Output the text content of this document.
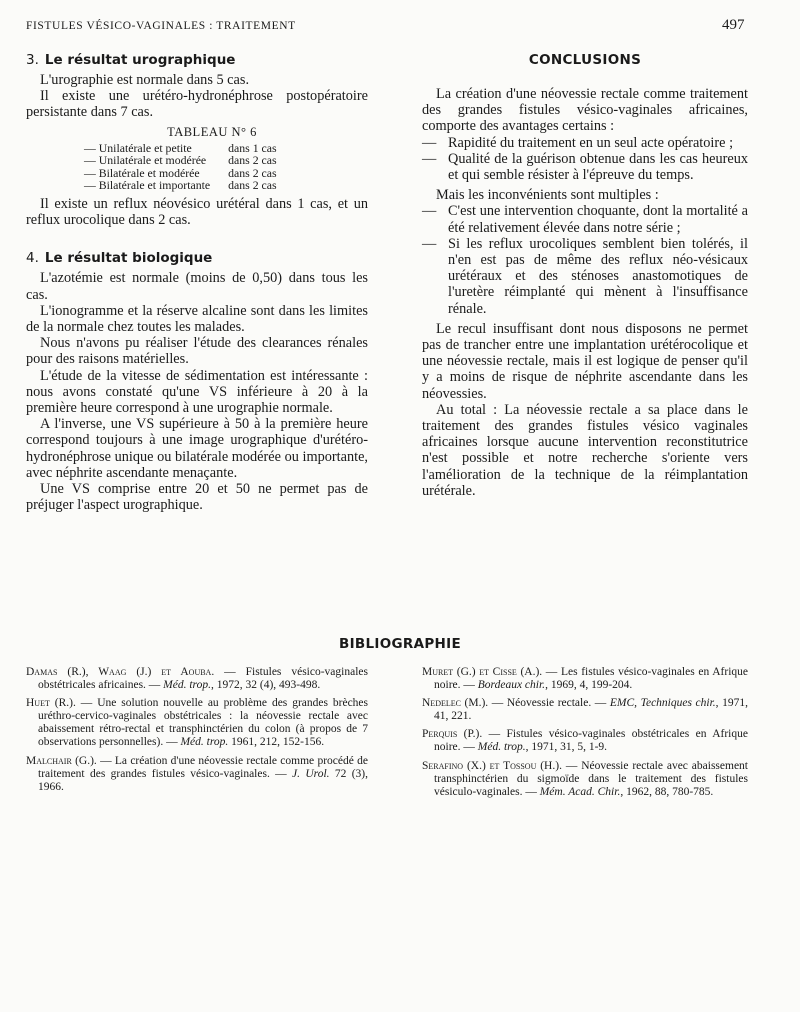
FISTULES VÉSICO-VAGINALES : TRAITEMENT	497
3. Le résultat urographique

L'urographie est normale dans 5 cas.

Il existe une urétéro-hydronéphrose postopératoire persistante dans 7 cas.

TABLEAU N° 6
— Unilatérale et petite	dans 1 cas
— Unilatérale et modérée	dans 2 cas
— Bilatérale et modérée	dans 2 cas
— Bilatérale et importante	dans 2 cas

Il existe un reflux néovésico urétéral dans 1 cas, et un reflux urocolique dans 2 cas.

4. Le résultat biologique

L'azotémie est normale (moins de 0,50) dans tous les cas.

L'ionogramme et la réserve alcaline sont dans les limites de la normale chez toutes les malades.

Nous n'avons pu réaliser l'étude des clearances rénales pour des raisons matérielles.

L'étude de la vitesse de sédimentation est intéressante : nous avons constaté qu'une VS inférieure à 20 à la première heure correspond à une urographie normale.

A l'inverse, une VS supérieure à 50 à la première heure correspond toujours à une image urographique d'urétéro-hydronéphrose unique ou bilatérale modérée ou importante, avec néphrite ascendante menaçante.

Une VS comprise entre 20 et 50 ne permet pas de préjuger l'aspect urographique.

CONCLUSIONS

La création d'une néovessie rectale comme traitement des grandes fistules vésico-vaginales africaines, comporte des avantages certains :

— Rapidité du traitement en un seul acte opératoire ;
— Qualité de la guérison obtenue dans les cas heureux et qui semble résister à l'épreuve du temps.

Mais les inconvénients sont multiples :

— C'est une intervention choquante, dont la mortalité a été relativement élevée dans notre série ;
— Si les reflux urocoliques semblent bien tolérés, il n'en est pas de même des reflux néo-vésicaux urétéraux et des sténoses anastomotiques de l'uretère réimplanté qui mènent à l'insuffisance rénale.

Le recul insuffisant dont nous disposons ne permet pas de trancher entre une implantation urétérocolique et une néovessie rectale, mais il est logique de penser qu'il y a moins de risque de néphrite ascendante dans les néovessies.

Au total : La néovessie rectale a sa place dans le traitement des grandes fistules vésico vaginales africaines lorsque aucune intervention reconstitutrice n'est possible et notre recherche s'oriente vers l'amélioration de la technique de la réimplantation urétérale.

BIBLIOGRAPHIE

Damas (R.), Waag (J.) et Aouba. — Fistules vésico-vaginales obstétricales africaines. — Méd. trop., 1972, 32 (4), 493-498.

Huet (R.). — Une solution nouvelle au problème des grandes brèches uréthro-cervico-vaginales obstétricales : la néovessie rectale avec abaissement rétro-rectal et transphinctérien du colon (à propos de 7 observations personnelles). — Méd. trop. 1961, 212, 152-156.

Malchair (G.). — La création d'une néovessie rectale comme procédé de traitement des grandes fistules vésico-vaginales. — J. Urol. 72 (3), 1966.

Muret (G.) et Cisse (A.). — Les fistules vésico-vaginales en Afrique noire. — Bordeaux chir., 1969, 4, 199-204.

Nedelec (M.). — Néovessie rectale. — EMC, Techniques chir., 1971, 41, 221.

Perquis (P.). — Fistules vésico-vaginales obstétricales en Afrique noire. — Méd. trop., 1971, 31, 5, 1-9.

Serafino (X.) et Tossou (H.). — Néovessie rectale avec abaissement transphinctérien du sigmoïde dans le traitement des fistules vésiculo-vaginales. — Mém. Acad. Chir., 1962, 88, 780-785.
